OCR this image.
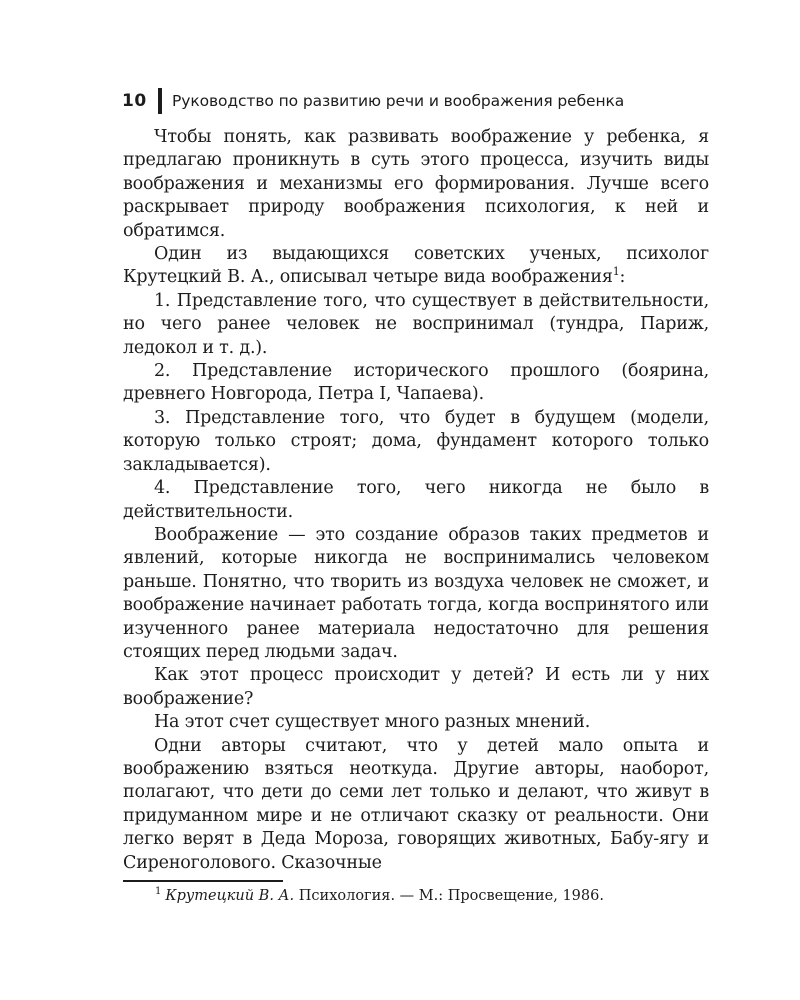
10	Руководство по развитию речи и воображения ребенка

Чтобы понять, как развивать воображение у ребенка, я предлагаю проникнуть в суть этого процесса, изучить виды воображения и механизмы его формирования. Лучше всего раскрывает природу воображения психология, к ней и обратимся.

Один из выдающихся советских ученых, психолог Крутецкий В. А., описывал четыре вида воображения$^1$:

1. Представление того, что существует в действительности, но чего ранее человек не воспринимал (тундра, Париж, ледокол и т. д.).

2. Представление исторического прошлого (боярина, древнего Новгорода, Петра I, Чапаева).

3. Представление того, что будет в будущем (модели, которую только строят; дома, фундамент которого только закладывается).

4. Представление того, чего никогда не было в действительности.

Воображение — это создание образов таких предметов и явлений, которые никогда не воспринимались человеком раньше. Понятно, что творить из воздуха человек не сможет, и воображение начинает работать тогда, когда воспринятого или изученного ранее материала недостаточно для решения стоящих перед людьми задач.

Как этот процесс происходит у детей? И есть ли у них воображение?

На этот счет существует много разных мнений.

Одни авторы считают, что у детей мало опыта и воображению взяться неоткуда. Другие авторы, наоборот, полагают, что дети до семи лет только и делают, что живут в придуманном мире и не отличают сказку от реальности. Они легко верят в Деда Мороза, говорящих животных, Бабу-ягу и Сиреноголового. Сказочные

$^1$ Крутецкий В. А. Психология. — М.: Просвещение, 1986.
